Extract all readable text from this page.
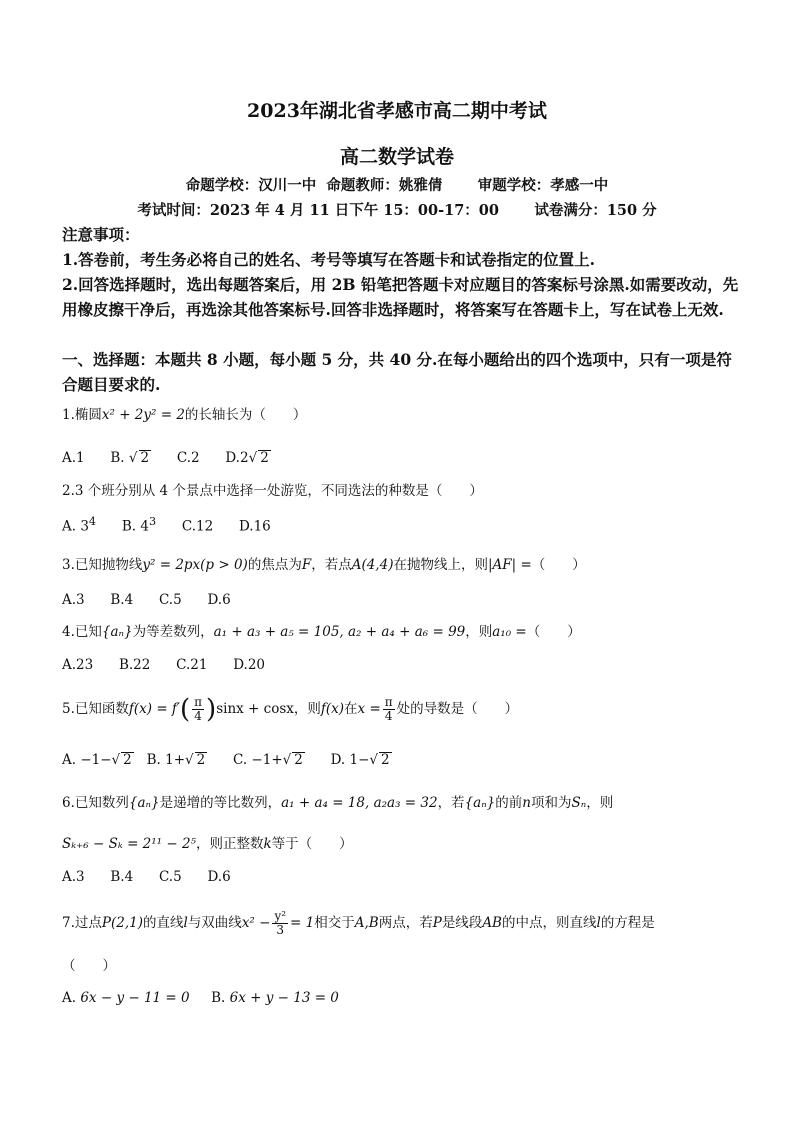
2023年湖北省孝感市高二期中考试
高二数学试卷
命题学校：汉川一中  命题教师：姚雅倩       审题学校：孝感一中
考试时间：2023 年 4 月 11 日下午 15：00-17：00       试卷满分：150 分
注意事项：
1.答卷前，考生务必将自己的姓名、考号等填写在答题卡和试卷指定的位置上.
2.回答选择题时，选出每题答案后，用 2B 铅笔把答题卡对应题目的答案标号涂黑.如需要改动，先用橡皮擦干净后，再选涂其他答案标号.回答非选择题时，将答案写在答题卡上，写在试卷上无效.
一、选择题：本题共 8 小题，每小题 5 分，共 40 分.在每小题给出的四个选项中，只有一项是符合题目要求的.
1.椭圆x² + 2y² = 2的长轴长为（　　）
A.1 B. √ 2 C.2 D.2√ 2
2.3 个班分别从 4 个景点中选择一处游览，不同选法的种数是（　　）
A. $3^4$ B. $4^3$ C.12 D.16
3.已知抛物线y² = 2px(p > 0)的焦点为F，若点A(4,4)在抛物线上，则|AF| =（　　）
A.3 B.4 C.5 D.6
4.已知{aₙ}为等差数列，a₁ + a₃ + a₅ = 105, a₂ + a₄ + a₆ = 99，则a₁₀ =（　　）
A.23 B.22 C.21 D.20
5.已知函数$f(x) = f'( \frac{\pi}{4} )\sin x + \cos x$，则f(x)在$x = \frac{\pi}{4}$ 处的导数是（　　）
A. −1−√ 2 B. 1+√ 2 C. −1+√ 2 D. 1−√ 2
6.已知数列{aₙ}是递增的等比数列，a₁ + a₄ = 18, a₂a₃ = 32，若{aₙ}的前n项和为Sₙ，则
Sₖ₊₆ − Sₖ = 2¹¹ − 2⁵，则正整数k等于（　　）
A.3 B.4 C.5 D.6
7.过点P(2,1)的直线l与双曲线$x^2 - \frac{\text{y²}}{3} = 1$相交于A,B两点，若P是线段AB的中点，则直线l的方程是
（　　）
A. 6x − y − 11 = 0 B. 6x + y − 13 = 0
